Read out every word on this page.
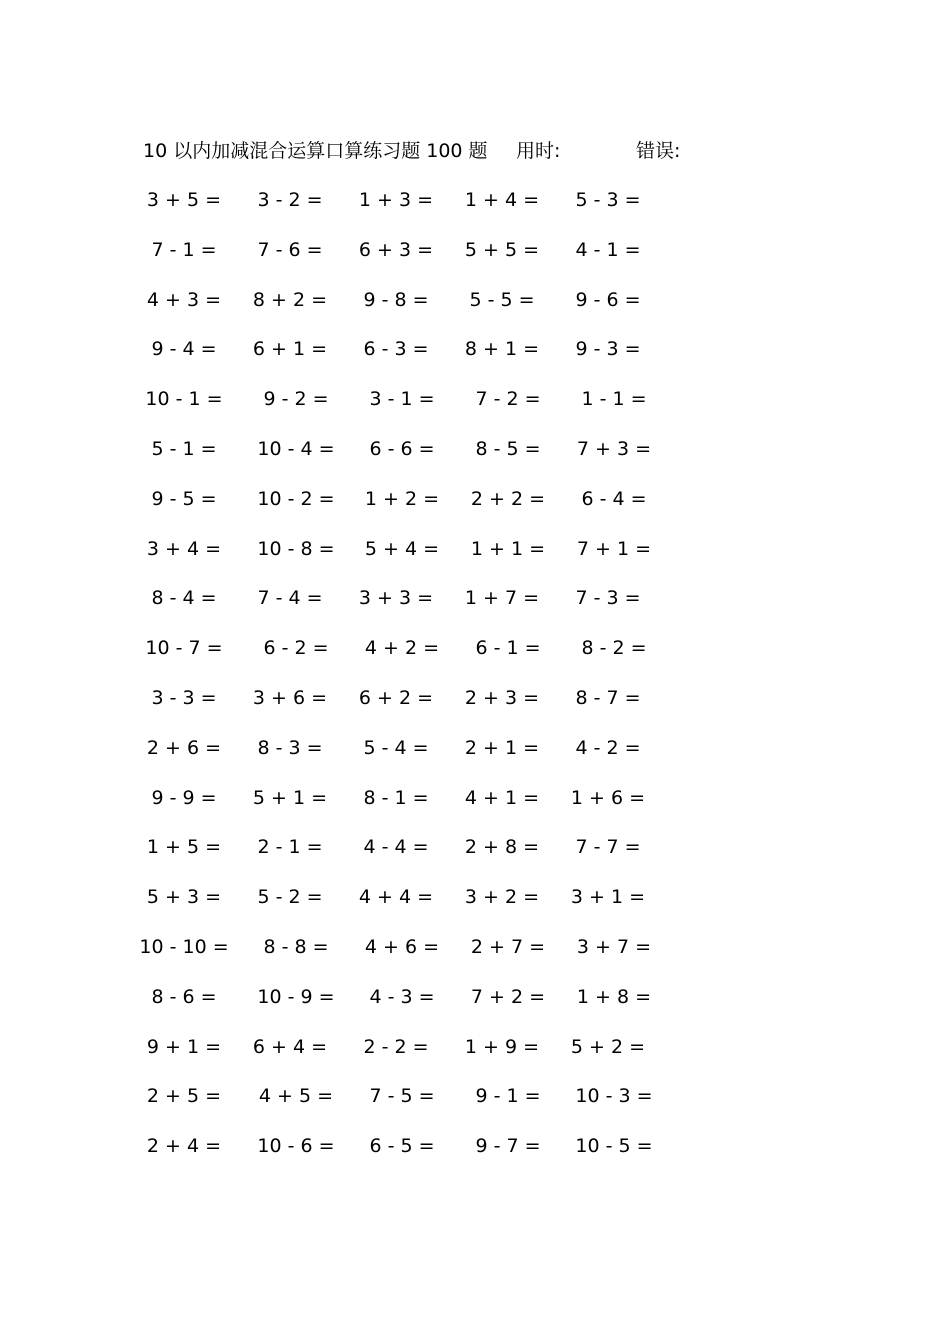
10 以内加减混合运算口算练习题 100 题 用时:	错误:
3 + 5 =	3 - 2 =	1 + 3 =	1 + 4 =	5 - 3 =
7 - 1 =	7 - 6 =	6 + 3 =	5 + 5 =	4 - 1 =
4 + 3 =	8 + 2 =	9 - 8 =	5 - 5 =	9 - 6 =
9 - 4 =	6 + 1 =	6 - 3 =	8 + 1 =	9 - 3 =
10 - 1 =	9 - 2 =	3 - 1 =	7 - 2 =	1 - 1 =
5 - 1 =	10 - 4 =	6 - 6 =	8 - 5 =	7 + 3 =
9 - 5 =	10 - 2 =	1 + 2 =	2 + 2 =	6 - 4 =
3 + 4 =	10 - 8 =	5 + 4 =	1 + 1 =	7 + 1 =
8 - 4 =	7 - 4 =	3 + 3 =	1 + 7 =	7 - 3 =
10 - 7 =	6 - 2 =	4 + 2 =	6 - 1 =	8 - 2 =
3 - 3 =	3 + 6 =	6 + 2 =	2 + 3 =	8 - 7 =
2 + 6 =	8 - 3 =	5 - 4 =	2 + 1 =	4 - 2 =
9 - 9 =	5 + 1 =	8 - 1 =	4 + 1 =	1 + 6 =
1 + 5 =	2 - 1 =	4 - 4 =	2 + 8 =	7 - 7 =
5 + 3 =	5 - 2 =	4 + 4 =	3 + 2 =	3 + 1 =
10 - 10 =	8 - 8 =	4 + 6 =	2 + 7 =	3 + 7 =
8 - 6 =	10 - 9 =	4 - 3 =	7 + 2 =	1 + 8 =
9 + 1 =	6 + 4 =	2 - 2 =	1 + 9 =	5 + 2 =
2 + 5 =	4 + 5 =	7 - 5 =	9 - 1 =	10 - 3 =
2 + 4 =	10 - 6 =	6 - 5 =	9 - 7 =	10 - 5 =
